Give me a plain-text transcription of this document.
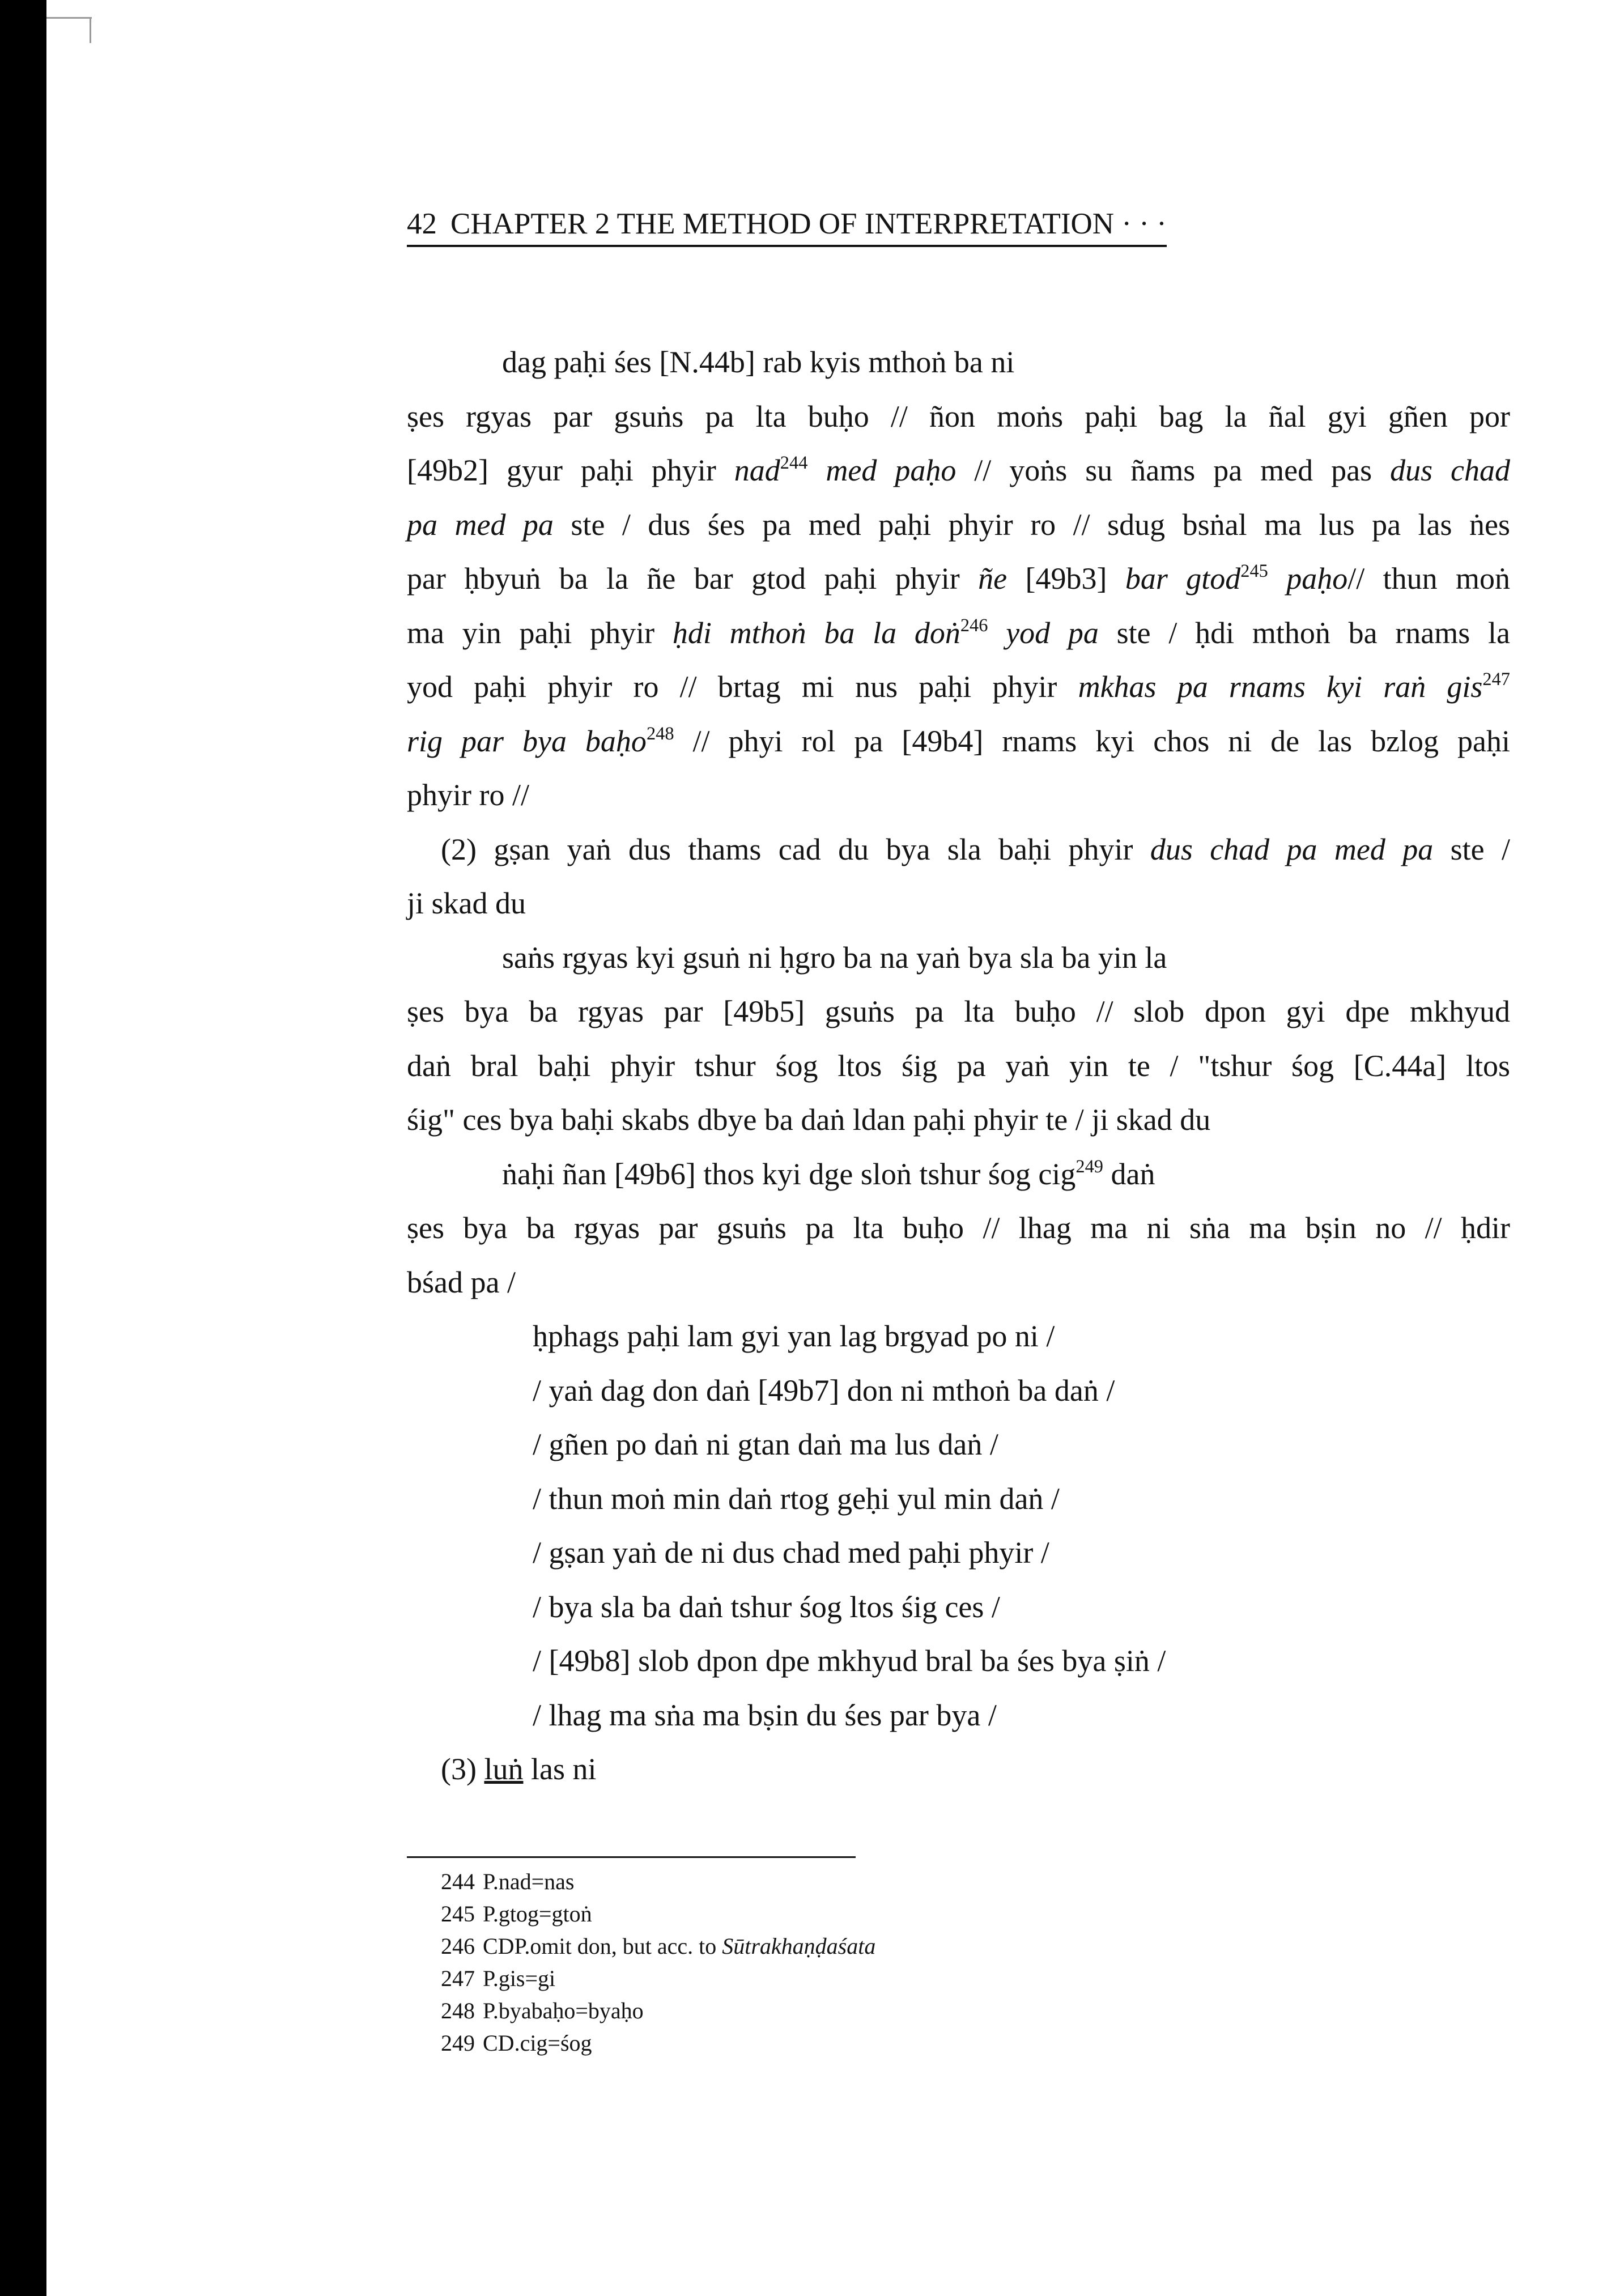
42 CHAPTER 2 THE METHOD OF INTERPRETATION · · ·
dag paḥi śes [N.44b] rab kyis mthoṅ ba ni
ṣes rgyas par gsuṅs pa lta buḥo // ñon moṅs paḥi bag la ñal gyi gñen por
[49b2] gyur paḥi phyir nad$^{244}$ med paḥo // yoṅs su ñams pa med pas dus chad
pa med pa ste / dus śes pa med paḥi phyir ro // sdug bsṅal ma lus pa las ṅes
par ḥbyuṅ ba la ñe bar gtod paḥi phyir ñe [49b3] bar gtod$^{245}$ paḥo// thun moṅ
ma yin paḥi phyir ḥdi mthoṅ ba la doṅ$^{246}$ yod pa ste / ḥdi mthoṅ ba rnams la
yod paḥi phyir ro // brtag mi nus paḥi phyir mkhas pa rnams kyi raṅ gis$^{247}$
rig par bya baḥo$^{248}$ // phyi rol pa [49b4] rnams kyi chos ni de las bzlog paḥi
phyir ro //
(2) gṣan yaṅ dus thams cad du bya sla baḥi phyir dus chad pa med pa ste /
ji skad du
saṅs rgyas kyi gsuṅ ni ḥgro ba na yaṅ bya sla ba yin la
ṣes bya ba rgyas par [49b5] gsuṅs pa lta buḥo // slob dpon gyi dpe mkhyud
daṅ bral baḥi phyir tshur śog ltos śig pa yaṅ yin te / "tshur śog [C.44a] ltos
śig" ces bya baḥi skabs dbye ba daṅ ldan paḥi phyir te / ji skad du
ṅaḥi ñan [49b6] thos kyi dge sloṅ tshur śog cig$^{249}$ daṅ
ṣes bya ba rgyas par gsuṅs pa lta buḥo // lhag ma ni sṅa ma bṣin no // ḥdir
bśad pa /
ḥphags paḥi lam gyi yan lag brgyad po ni /
/ yaṅ dag don daṅ [49b7] don ni mthoṅ ba daṅ /
/ gñen po daṅ ni gtan daṅ ma lus daṅ /
/ thun moṅ min daṅ rtog geḥi yul min daṅ /
/ gṣan yaṅ de ni dus chad med paḥi phyir /
/ bya sla ba daṅ tshur śog ltos śig ces /
/ [49b8] slob dpon dpe mkhyud bral ba śes bya ṣiṅ /
/ lhag ma sṅa ma bṣin du śes par bya /
(3) luṅ las ni
244 P.nad=nas
245 P.gtog=gtoṅ
246 CDP.omit don, but acc. to Sūtrakhaṇḍaśata
247 P.gis=gi
248 P.byabaḥo=byaḥo
249 CD.cig=śog
